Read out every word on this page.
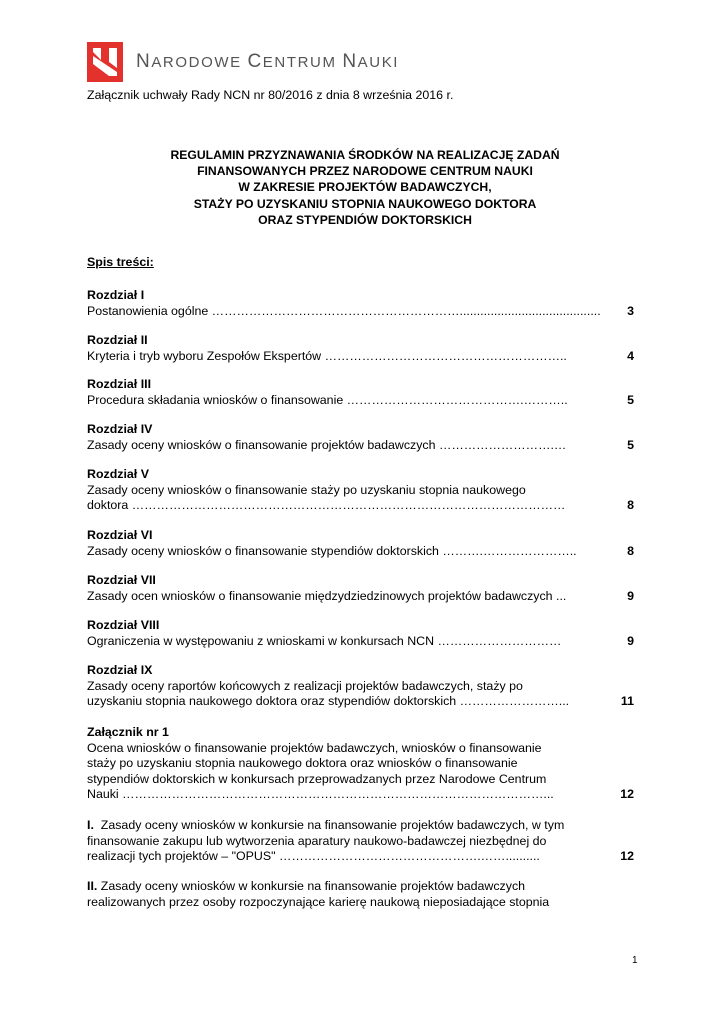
NARODOWE CENTRUM NAUKI
Załącznik uchwały Rady NCN nr 80/2016 z dnia 8 września 2016 r.
REGULAMIN PRZYZNAWANIA ŚRODKÓW NA REALIZACJĘ ZADAŃ
FINANSOWANYCH PRZEZ NARODOWE CENTRUM NAUKI
W ZAKRESIE PROJEKTÓW BADAWCZYCH,
STAŻY PO UZYSKANIU STOPNIA NAUKOWEGO DOKTORA
ORAZ STYPENDIÓW DOKTORSKICH
Spis treści:
Rozdział I
Postanowienia ogólne …………………………………………………….........................................	3
Rozdział II
Kryteria i tryb wyboru Zespołów Ekspertów …………………………………………………..	4
Rozdział III
Procedura składania wniosków o finansowanie …………………………………….………..	5
Rozdział IV
Zasady oceny wniosków o finansowanie projektów badawczych ……………………….…	5
Rozdział V
Zasady oceny wniosków o finansowanie staży po uzyskaniu stopnia naukowego
doktora ……………………………………………………………………………………………	8
Rozdział VI
Zasady oceny wniosków o finansowanie stypendiów doktorskich ……….…………………..	8
Rozdział VII
Zasady ocen wniosków o finansowanie międzydziedzinowych projektów badawczych ...	9
Rozdział VIII
Ograniczenia w występowaniu z wnioskami w konkursach NCN …………………………	9
Rozdział IX
Zasady oceny raportów końcowych z realizacji projektów badawczych, staży po
uzyskaniu stopnia naukowego doktora oraz stypendiów doktorskich ……………………...	11
Załącznik nr 1
Ocena wniosków o finansowanie projektów badawczych, wniosków o finansowanie
staży po uzyskaniu stopnia naukowego doktora oraz wniosków o finansowanie
stypendiów doktorskich w konkursach przeprowadzanych przez Narodowe Centrum
Nauki …………………………………………………………………………………………...	12
I. Zasady oceny wniosków w konkursie na finansowanie projektów badawczych, w tym
finansowanie zakupu lub wytworzenia aparatury naukowo-badawczej niezbędnej do
realizacji tych projektów – "OPUS" ………………………………………….……..........	12
II. Zasady oceny wniosków w konkursie na finansowanie projektów badawczych
realizowanych przez osoby rozpoczynające karierę naukową nieposiadające stopnia
1
